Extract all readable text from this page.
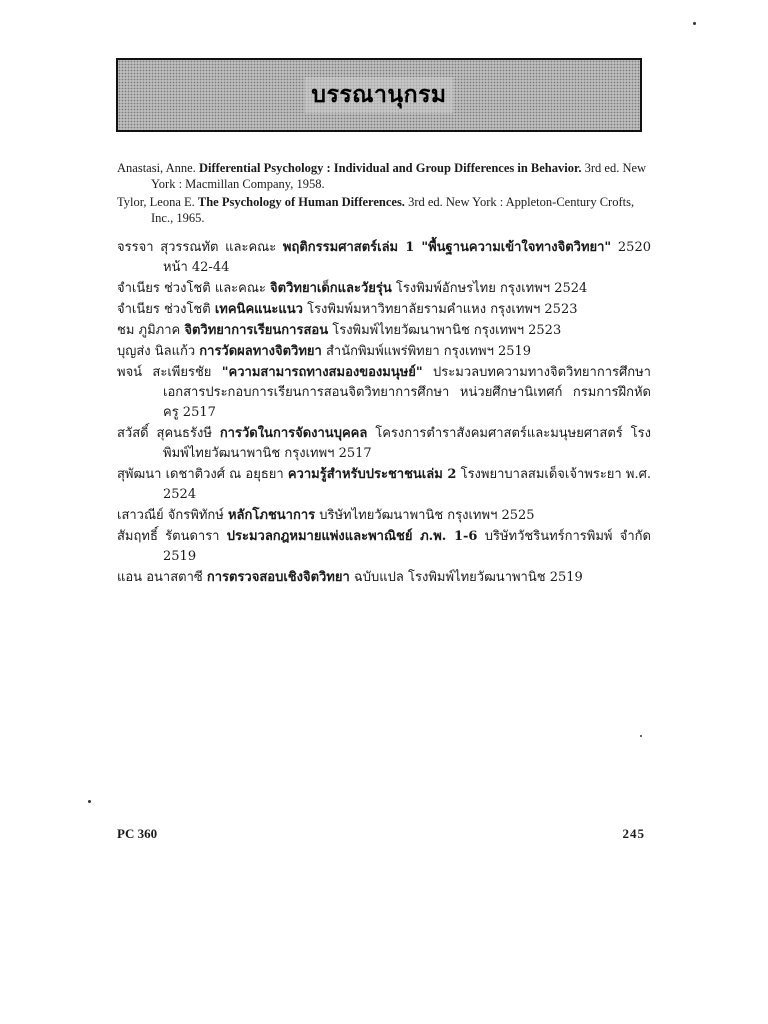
บรรณานุกรม

Anastasi, Anne. Differential Psychology : Individual and Group Differences in Behavior. 3rd ed. New York : Macmillan Company, 1958.

Tylor, Leona E. The Psychology of Human Differences. 3rd ed. New York : Appleton-Century Crofts, Inc., 1965.

จรรจา สุวรรณทัต และคณะ พฤติกรรมศาสตร์เล่ม 1 "พื้นฐานความเข้าใจทางจิตวิทยา" 2520 หน้า 42-44

จำเนียร ช่วงโชติ และคณะ จิตวิทยาเด็กและวัยรุ่น โรงพิมพ์อักษรไทย กรุงเทพฯ 2524

จำเนียร ช่วงโชติ เทคนิคแนะแนว โรงพิมพ์มหาวิทยาลัยรามคำแหง กรุงเทพฯ 2523

ชม ภูมิภาค จิตวิทยาการเรียนการสอน โรงพิมพ์ไทยวัฒนาพานิช กรุงเทพฯ 2523

บุญส่ง นิลแก้ว การวัดผลทางจิตวิทยา สำนักพิมพ์แพร่พิทยา กรุงเทพฯ 2519

พจน์ สะเพียรชัย "ความสามารถทางสมองของมนุษย์" ประมวลบทความทางจิตวิทยาการศึกษา เอกสารประกอบการเรียนการสอนจิตวิทยาการศึกษา หน่วยศึกษานิเทศก์ กรมการฝึกหัดครู 2517

สวัสดิ์ สุคนธรังษี การวัดในการจัดงานบุคคล โครงการตำราสังคมศาสตร์และมนุษยศาสตร์ โรงพิมพ์ไทยวัฒนาพานิช กรุงเทพฯ 2517

สุพัฒนา เดชาติวงศ์ ณ อยุธยา ความรู้สำหรับประชาชนเล่ม 2 โรงพยาบาลสมเด็จเจ้าพระยา พ.ศ. 2524

เสาวณีย์ จักรพิทักษ์ หลักโภชนาการ บริษัทไทยวัฒนาพานิช กรุงเทพฯ 2525

สัมฤทธิ์ รัตนดารา ประมวลกฎหมายแพ่งและพาณิชย์ ภ.พ. 1-6 บริษัทวัชรินทร์การพิมพ์ จำกัด 2519

แอน อนาสตาซี การตรวจสอบเชิงจิตวิทยา ฉบับแปล โรงพิมพ์ไทยวัฒนาพานิช 2519

PC 360	245
